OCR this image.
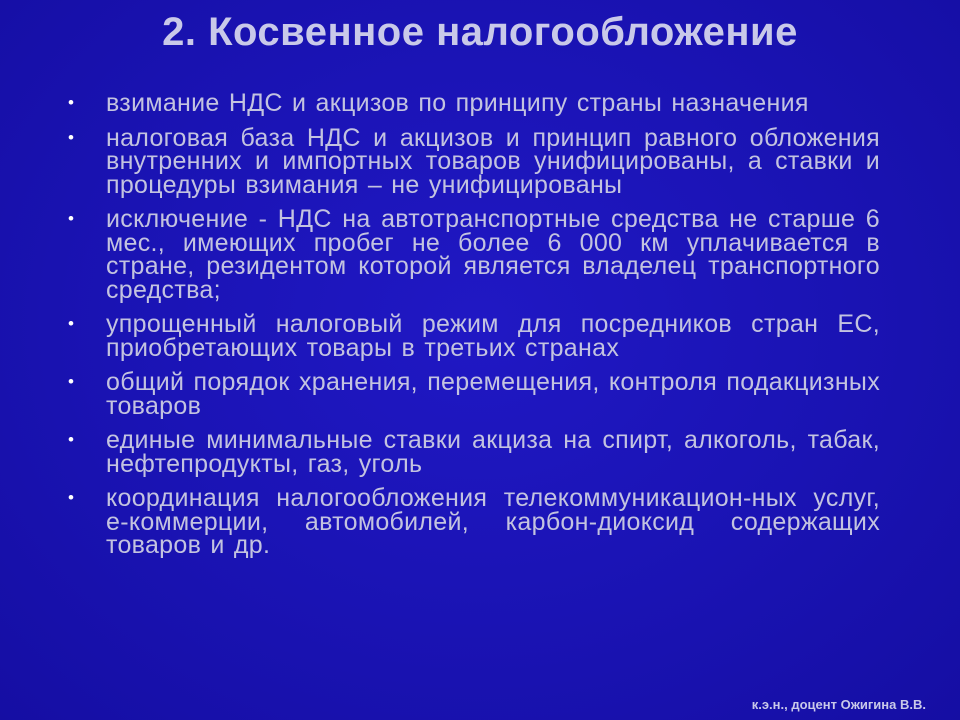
2. Косвенное налогообложение
• взимание НДС и акцизов по принципу страны назначения
• налоговая база НДС и акцизов и принцип равного обложения внутренних и импортных товаров унифицированы, а ставки и процедуры взимания – не унифицированы
• исключение - НДС на автотранспортные средства не старше 6 мес., имеющих пробег не более 6 000 км уплачивается в стране, резидентом которой является владелец транспортного средства;
• упрощенный налоговый режим для посредников стран ЕС, приобретающих товары в третьих странах
• общий порядок хранения, перемещения, контроля подакцизных товаров
• единые минимальные ставки акциза на спирт, алкоголь, табак, нефтепродукты, газ, уголь
• координация налогообложения телекоммуникацион-ных услуг, е-коммерции, автомобилей, карбон-диоксид содержащих товаров и др.
к.э.н., доцент Ожигина В.В.
